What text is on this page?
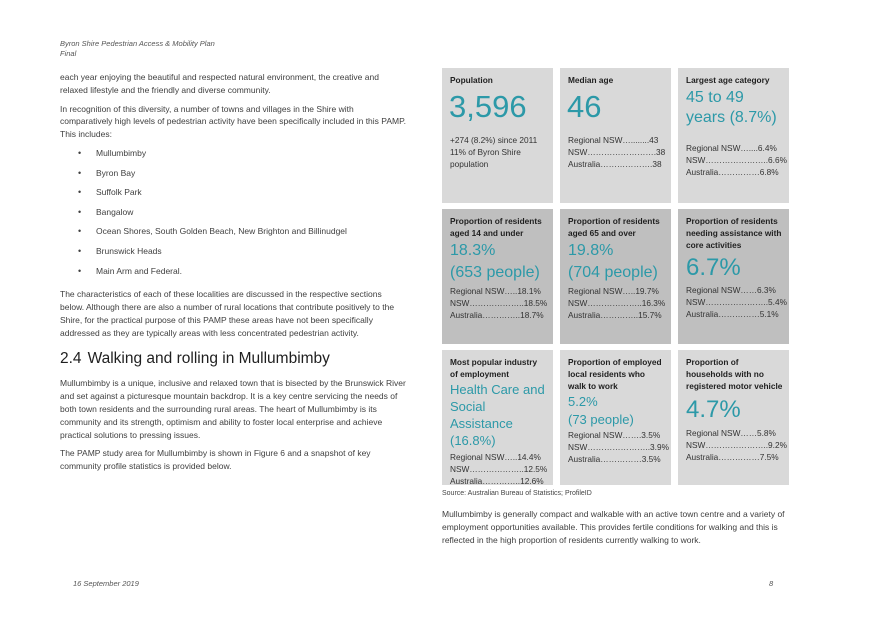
Byron Shire Pedestrian Access & Mobility Plan
Final

each year enjoying the beautiful and respected natural environment, the creative and relaxed lifestyle and the friendly and diverse community.

In recognition of this diversity, a number of towns and villages in the Shire with comparatively high levels of pedestrian activity have been specifically included in this PAMP. This includes:

• Mullumbimby
• Byron Bay
• Suffolk Park
• Bangalow
• Ocean Shores, South Golden Beach, New Brighton and Billinudgel
• Brunswick Heads
• Main Arm and Federal.

The characteristics of each of these localities are discussed in the respective sections below. Although there are also a number of rural locations that contribute positively to the Shire, for the practical purpose of this PAMP these areas have not been specifically addressed as they are typically areas with less concentrated pedestrian activity.

2.4 Walking and rolling in Mullumbimby

Mullumbimby is a unique, inclusive and relaxed town that is bisected by the Brunswick River and set against a picturesque mountain backdrop. It is a key centre servicing the needs of both town residents and the surrounding rural areas. The heart of Mullumbimby is its community and its strength, optimism and ability to foster local enterprise and achieve practical solutions to pressing issues.

The PAMP study area for Mullumbimby is shown in Figure 6 and a snapshot of key community profile statistics is provided below.

Population
3,596
+274 (8.2%) since 2011
11% of Byron Shire population
Median age
46
Regional NSW…........43
NSW…………………….38
Australia……………….38
Largest age category
45 to 49 years (8.7%)
Regional NSW…....6.4%
NSW…………………..6.6%
Australia……………6.8%
Proportion of residents aged 14 and under
18.3%
(653 people)
Regional NSW…..18.1%
NSW………………..18.5%
Australia…………..18.7%
Proportion of residents aged 65 and over
19.8%
(704 people)
Regional NSW…..19.7%
NSW………………..16.3%
Australia…………..15.7%
Proportion of residents needing assistance with core activities
6.7%
Regional NSW……6.3%
NSW…………………..5.4%
Australia……………5.1%
Most popular industry of employment
Health Care and Social Assistance (16.8%)
Regional NSW…..14.4%
NSW………………..12.5%
Australia…………..12.6%
Proportion of employed local residents who walk to work
5.2%
(73 people)
Regional NSW…….3.5%
NSW…………………..3.9%
Australia……………3.5%
Proportion of households with no registered motor vehicle
4.7%
Regional NSW……5.8%
NSW…………………..9.2%
Australia……………7.5%
Source: Australian Bureau of Statistics; ProfileID
Mullumbimby is generally compact and walkable with an active town centre and a variety of employment opportunities available. This provides fertile conditions for walking and this is reflected in the high proportion of residents currently walking to work.
16 September 2019	8
